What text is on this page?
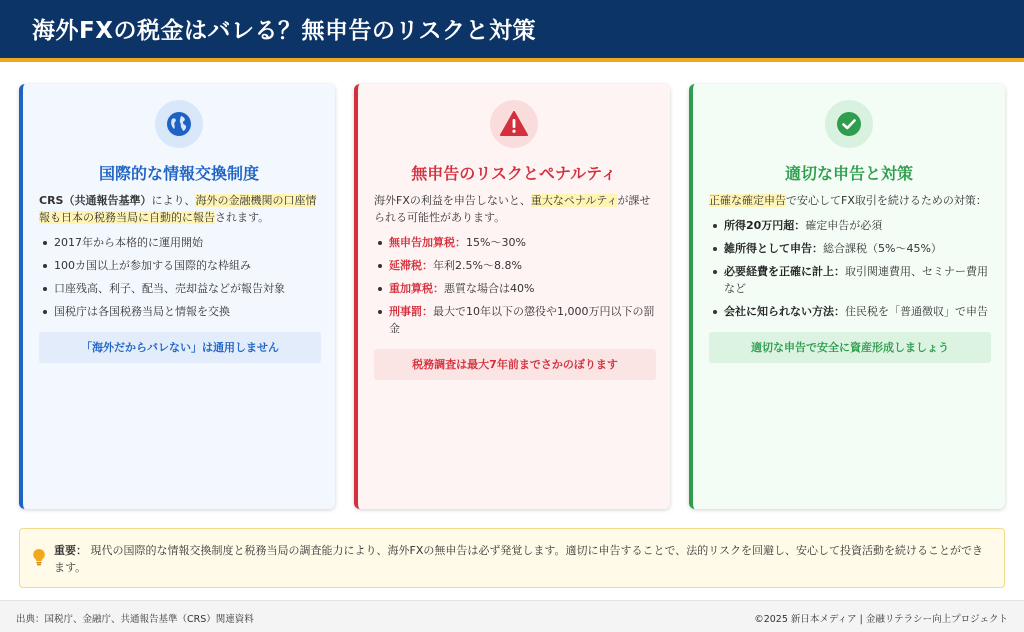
海外FXの税金はバレる？無申告のリスクと対策
国際的な情報交換制度

CRS（共通報告基準）により、海外の金融機関の口座情報も日本の税務当局に自動的に報告されます。

2017年から本格的に運用開始
100カ国以上が参加する国際的な枠組み
口座残高、利子、配当、売却益などが報告対象
国税庁は各国税務当局と情報を交換
「海外だからバレない」は通用しません
無申告のリスクとペナルティ

海外FXの利益を申告しないと、重大なペナルティが課せられる可能性があります。

無申告加算税：15%〜30%
延滞税：年利2.5%〜8.8%
重加算税：悪質な場合は40%
刑事罰：最大で10年以下の懲役や1,000万円以下の罰金
税務調査は最大7年前までさかのぼります
適切な申告と対策

正確な確定申告で安心してFX取引を続けるための対策：

所得20万円超：確定申告が必須
雑所得として申告：総合課税（5%〜45%）
必要経費を正確に計上：取引関連費用、セミナー費用など
会社に知られない方法：住民税を「普通徴収」で申告
適切な申告で安全に資産形成しましょう

重要： 現代の国際的な情報交換制度と税務当局の調査能力により、海外FXの無申告は必ず発覚します。適切に申告することで、法的リスクを回避し、安心して投資活動を続けることができます。

出典：国税庁、金融庁、共通報告基準（CRS）関連資料	©2025 新日本メディア | 金融リテラシー向上プロジェクト
